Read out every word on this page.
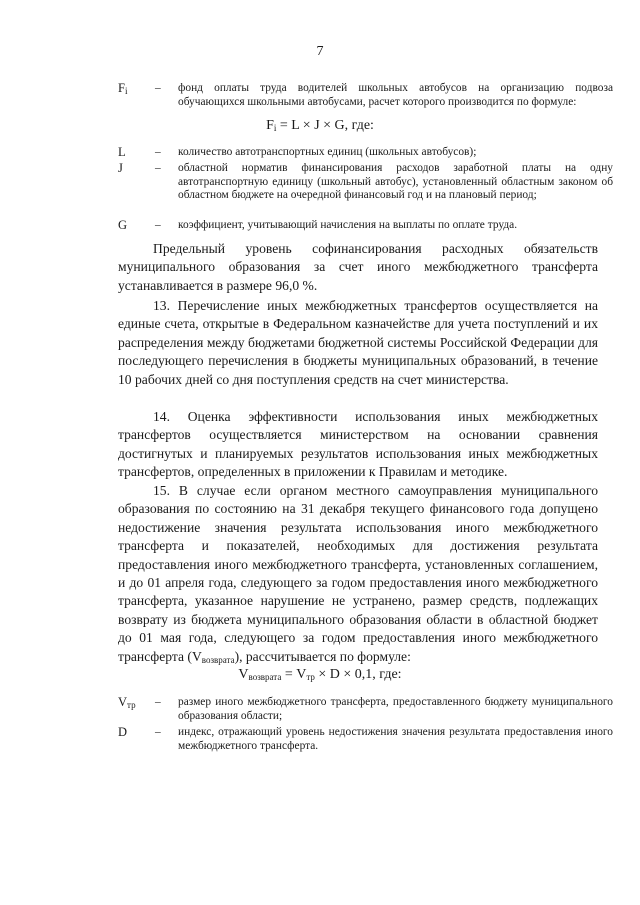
7
$F_i$	–	фонд оплаты труда водителей школьных автобусов на организацию подвоза обучающихся школьными автобусами, расчет которого производится по формуле:
$F_i = L \times J \times G$, где:
L	–	количество автотранспортных единиц (школьных автобусов);
J	–	областной норматив финансирования расходов заработной платы на одну автотранспортную единицу (школьный автобус), установленный областным законом об областном бюджете на очередной финансовый год и на плановый период;
G	–	коэффициент, учитывающий начисления на выплаты по оплате труда.
Предельный уровень софинансирования расходных обязательств муниципального образования за счет иного межбюджетного трансферта устанавливается в размере 96,0 %.
13. Перечисление иных межбюджетных трансфертов осуществляется на единые счета, открытые в Федеральном казначействе для учета поступлений и их распределения между бюджетами бюджетной системы Российской Федерации для последующего перечисления в бюджеты муниципальных образований, в течение 10 рабочих дней со дня поступления средств на счет министерства.
14. Оценка эффективности использования иных межбюджетных трансфертов осуществляется министерством на основании сравнения достигнутых и планируемых результатов использования иных межбюджетных трансфертов, определенных в приложении к Правилам и методике.
15. В случае если органом местного самоуправления муниципального образования по состоянию на 31 декабря текущего финансового года допущено недостижение значения результата использования иного межбюджетного трансферта и показателей, необходимых для достижения результата предоставления иного межбюджетного трансферта, установленных соглашением, и до 01 апреля года, следующего за годом предоставления иного межбюджетного трансферта, указанное нарушение не устранено, размер средств, подлежащих возврату из бюджета муниципального образования области в областной бюджет до 01 мая года, следующего за годом предоставления иного межбюджетного трансферта $(V_{возврата})$, рассчитывается по формуле:
$V_{возврата} = V_{тр} \times D \times 0,1$, где:
$V_{тр}$	–	размер иного межбюджетного трансферта, предоставленного бюджету муниципального образования области;
D	–	индекс, отражающий уровень недостижения значения результата предоставления иного межбюджетного трансферта.
